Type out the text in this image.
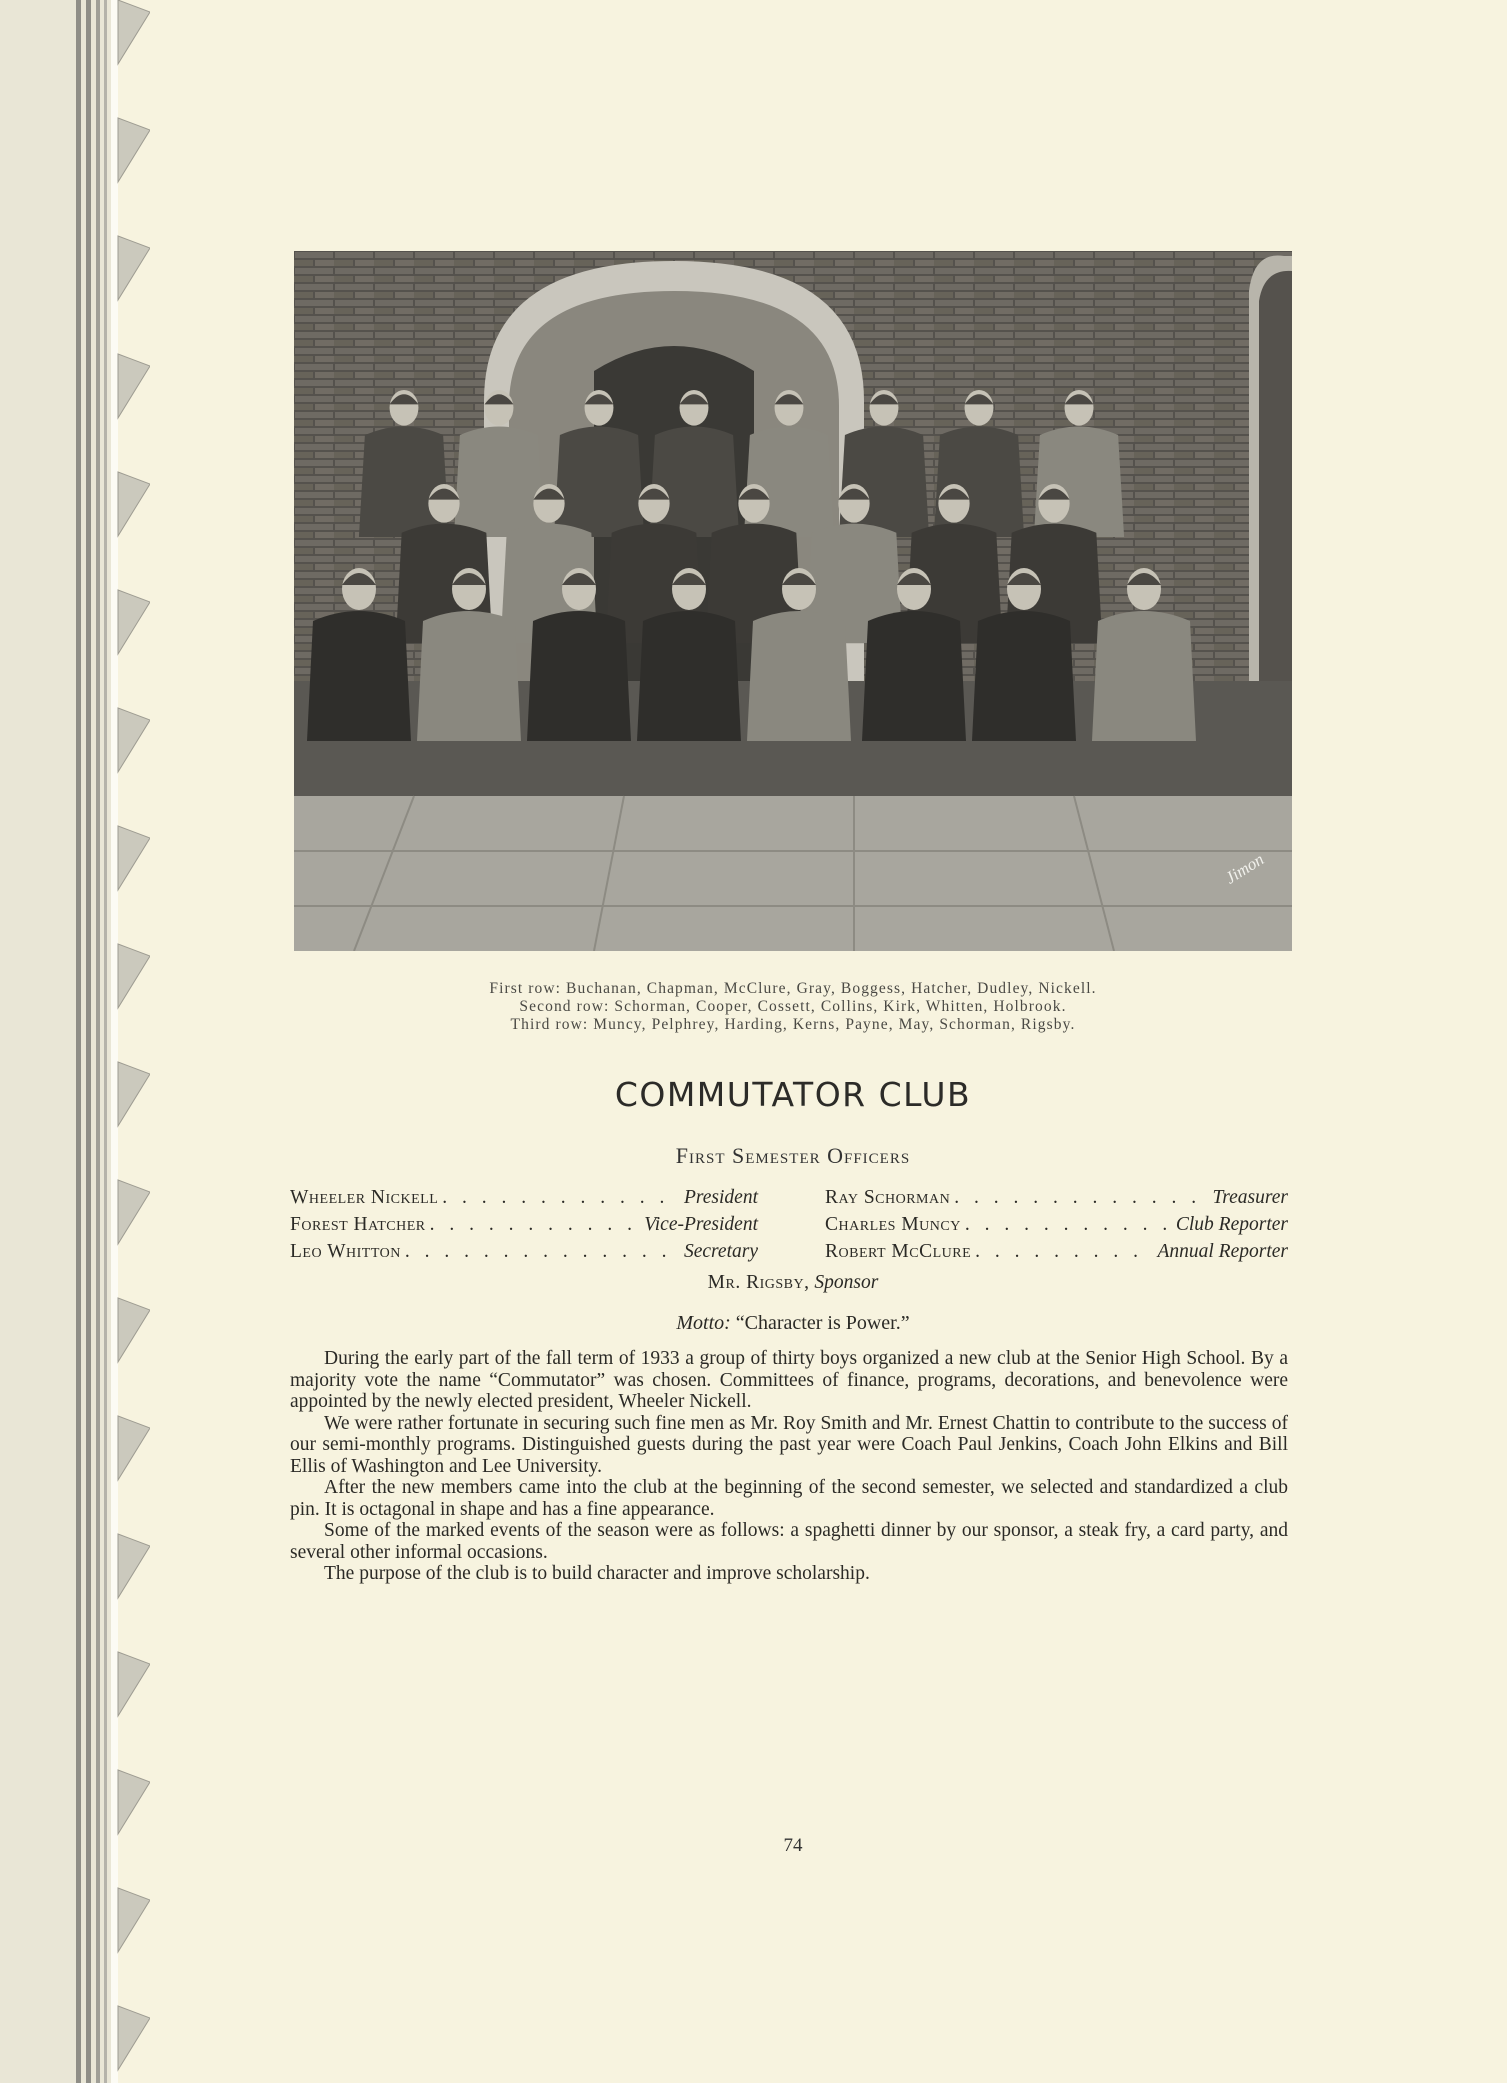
Jimon
First row: Buchanan, Chapman, McClure, Gray, Boggess, Hatcher, Dudley, Nickell.
Second row: Schorman, Cooper, Cossett, Collins, Kirk, Whitten, Holbrook.
Third row: Muncy, Pelphrey, Harding, Kerns, Payne, May, Schorman, Rigsby.
COMMUTATOR CLUB
First Semester Officers
Wheeler Nickell . . .	President	Ray Schorman . . .	Treasurer
Forest Hatcher . . .	Vice-President	Charles Muncy . . .	Club Reporter
Leo Whitton . . .	Secretary	Robert McClure . . .	Annual Reporter
Mr. Rigsby, Sponsor
Motto: “Character is Power.”

During the early part of the fall term of 1933 a group of thirty boys organized a new club at the Senior High School. By a majority vote the name “Commutator” was chosen. Committees of finance, programs, decorations, and benevolence were appointed by the newly elected president, Wheeler Nickell.

We were rather fortunate in securing such fine men as Mr. Roy Smith and Mr. Ernest Chattin to contribute to the success of our semi-monthly programs. Distinguished guests during the past year were Coach Paul Jenkins, Coach John Elkins and Bill Ellis of Washington and Lee University.

After the new members came into the club at the beginning of the second semester, we selected and standardized a club pin. It is octagonal in shape and has a fine appearance.

Some of the marked events of the season were as follows: a spaghetti dinner by our sponsor, a steak fry, a card party, and several other informal occasions.

The purpose of the club is to build character and improve scholarship.

74
